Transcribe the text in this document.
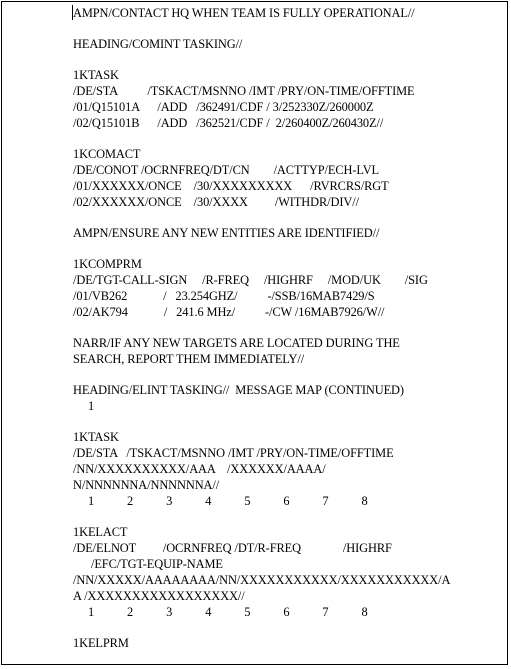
AMPN/CONTACT HQ WHEN TEAM IS FULLY OPERATIONAL//
HEADING/COMINT TASKING//
1KTASK
/DE/STA          /TSKACT/MSNNO /IMT /PRY/ON-TIME/OFFTIME
/01/Q15101A      /ADD   /362491/CDF / 3/252330Z/260000Z
/02/Q15101B      /ADD   /362521/CDF /  2/260400Z/260430Z//
1KCOMACT
/DE/CONOT /OCRNFREQ/DT/CN        /ACTTYP/ECH-LVL
/01/XXXXXX/ONCE    /30/XXXXXXXXX      /RVRCRS/RGT
/02/XXXXXX/ONCE    /30/XXXX         /WITHDR/DIV//
AMPN/ENSURE ANY NEW ENTITIES ARE IDENTIFIED//
1KCOMPRM
/DE/TGT-CALL-SIGN     /R-FREQ     /HIGHRF     /MOD/UK        /SIG
/01/VB262            /   23.254GHZ/          -/SSB/16MAB7429/S
/02/AK794            /   241.6 MHz/          -/CW /16MAB7926/W//
NARR/IF ANY NEW TARGETS ARE LOCATED DURING THE
SEARCH, REPORT THEM IMMEDIATELY//
HEADING/ELINT TASKING//  MESSAGE MAP (CONTINUED)
1
1KTASK
/DE/STA   /TSKACT/MSNNO /IMT /PRY/ON-TIME/OFFTIME
/NN/XXXXXXXXXX/AAA    /XXXXXX/AAAA/
N/NNNNNNA/NNNNNNA//
1           2           3           4           5           6           7           8
1KELACT
/DE/ELNOT         /OCRNFREQ /DT/R-FREQ              /HIGHRF
/EFC/TGT-EQUIP-NAME
/NN/XXXXX/AAAAAAAA/NN/XXXXXXXXXXX/XXXXXXXXXXX/A
A /XXXXXXXXXXXXXXXXX//
1           2           3           4           5           6           7           8
1KELPRM
